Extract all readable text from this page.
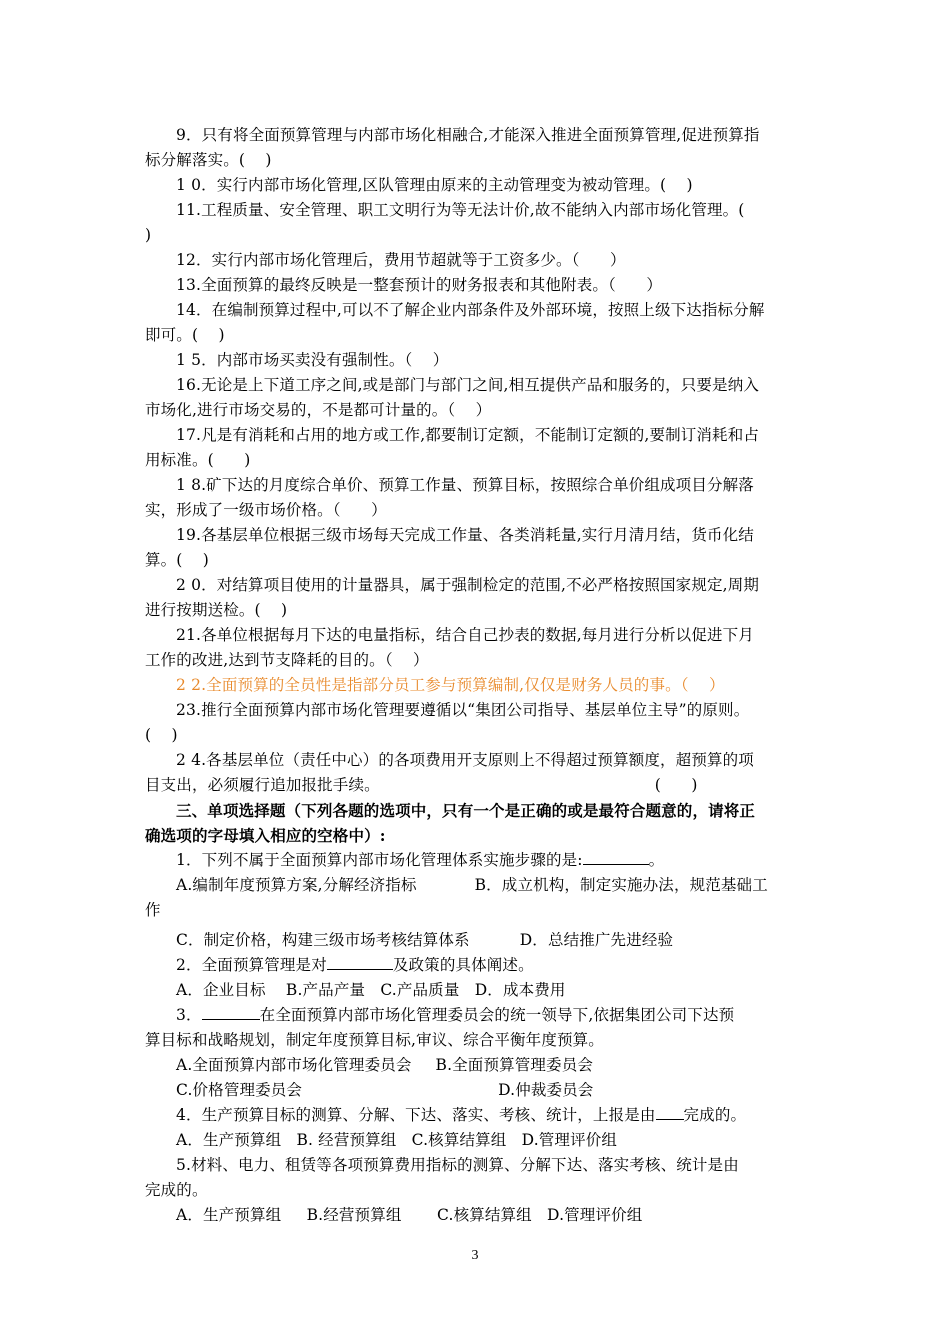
9．只有将全面预算管理与内部市场化相融合,才能深入推进全面预算管理,促进预算指

标分解落实。(    )

1 0．实行内部市场化管理,区队管理由原来的主动管理变为被动管理。(    )

11.工程质量、安全管理、职工文明行为等无法计价,故不能纳入内部市场化管理。(

)

12．实行内部市场化管理后，费用节超就等于工资多少。（      ）

13.全面预算的最终反映是一整套预计的财务报表和其他附表。（      ）

14．在编制预算过程中,可以不了解企业内部条件及外部环境，按照上级下达指标分解

即可。(    )

1 5．内部市场买卖没有强制性。（    ）

16.无论是上下道工序之间,或是部门与部门之间,相互提供产品和服务的，只要是纳入

市场化,进行市场交易的，不是都可计量的。（    ）

17.凡是有消耗和占用的地方或工作,都要制订定额，不能制订定额的,要制订消耗和占

用标准。(      )

1 8.矿下达的月度综合单价、预算工作量、预算目标，按照综合单价组成项目分解落

实，形成了一级市场价格。（      ）

19.各基层单位根据三级市场每天完成工作量、各类消耗量,实行月清月结，货币化结

算。(    )

2 0．对结算项目使用的计量器具，属于强制检定的范围,不必严格按照国家规定,周期

进行按期送检。(    )

21.各单位根据每月下达的电量指标，结合自己抄表的数据,每月进行分析以促进下月

工作的改进,达到节支降耗的目的。（    ）

2 2.全面预算的全员性是指部分员工参与预算编制,仅仅是财务人员的事。（    ）

23.推行全面预算内部市场化管理要遵循以“集团公司指导、基层单位主导”的原则。

(    )

2 4.各基层单位（责任中心）的各项费用开支原则上不得超过预算额度，超预算的项

目支出，必须履行追加报批手续。	(      )

三、单项选择题（下列各题的选项中，只有一个是正确的或是最符合题意的，请将正

确选项的字母填入相应的空格中）:

1．下列不属于全面预算内部市场化管理体系实施步骤的是:	。

A.编制年度预算方案,分解经济指标	B．成立机构，制定实施办法，规范基础工

作

C．制定价格，构建三级市场考核结算体系	D．总结推广先进经验

2．全面预算管理是对	及政策的具体阐述。

A．企业目标    B.产品产量   C.产品质量   D．成本费用

3．	在全面预算内部市场化管理委员会的统一领导下,依据集团公司下达预

算目标和战略规划，制定年度预算目标,审议、综合平衡年度预算。

A.全面预算内部市场化管理委员会 B.全面预算管理委员会

C.价格管理委员会	D.仲裁委员会

4．生产预算目标的测算、分解、下达、落实、考核、统计，上报是由 完成的。

A．生产预算组   B. 经营预算组   C.核算结算组   D.管理评价组

5.材料、电力、租赁等各项预算费用指标的测算、分解下达、落实考核、统计是由

完成的。

A．生产预算组     B.经营预算组       C.核算结算组   D.管理评价组

3
